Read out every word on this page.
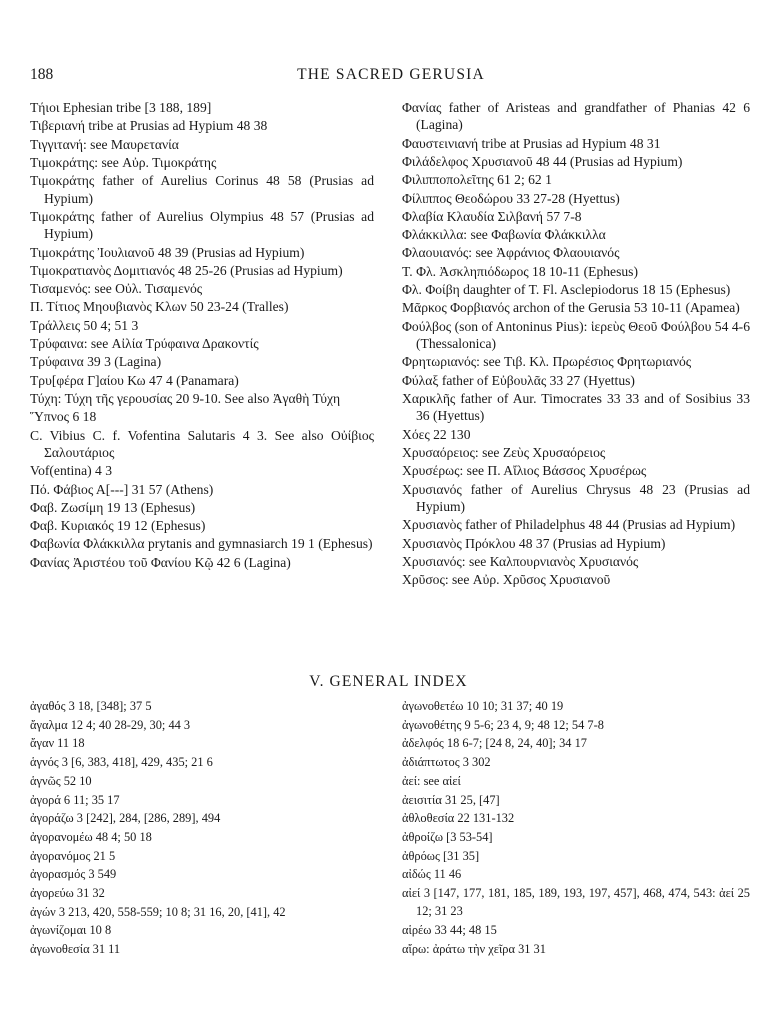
188	THE SACRED GERUSIA

Τήιοι Ephesian tribe [3 188, 189]

Τιβεριανή tribe at Prusias ad Hypium 48 38

Τιγγιτανή: see Μαυρετανία

Τιμοκράτης: see Αὐρ. Τιμοκράτης

Τιμοκράτης father of Aurelius Corinus 48 58 (Prusias ad Hypium)

Τιμοκράτης father of Aurelius Olympius 48 57 (Prusias ad Hypium)

Τιμοκράτης Ἰουλιανοῦ 48 39 (Prusias ad Hypium)

Τιμοκρατιανὸς Δομιτιανός 48 25-26 (Prusias ad Hypium)

Τισαμενός: see Οὐλ. Τισαμενός

Π. Τίτιος Μηουβιανὸς Κλων 50 23-24 (Tralles)

Τράλλεις 50 4; 51 3

Τρύφαινα: see Αἰλία Τρύφαινα Δρακοντίς

Τρύφαινα 39 3 (Lagina)

Τρυ[φέρα Γ]αίου Κω 47 4 (Panamara)

Τύχη: Τύχη τῆς γερουσίας 20 9-10. See also Ἀγαθὴ Τύχη

Ὕπνος 6 18

C. Vibius C. f. Vofentina Salutaris 4 3. See also Οὐίβιος Σαλουτάριος

Vof(entina) 4 3

Πό. Φάβιος Α[---] 31 57 (Athens)

Φαβ. Ζωσίμη 19 13 (Ephesus)

Φαβ. Κυριακός 19 12 (Ephesus)

Φαβωνία Φλάκκιλλα prytanis and gymnasiarch 19 1 (Ephesus)

Φανίας Ἀριστέου τοῦ Φανίου Κῷ 42 6 (Lagina)

Φανίας father of Aristeas and grandfather of Phanias 42 6 (Lagina)

Φαυστεινιανή tribe at Prusias ad Hypium 48 31

Φιλάδελφος Χρυσιανοῦ 48 44 (Prusias ad Hypium)

Φιλιπποπολεῖτης 61 2; 62 1

Φίλιππος Θεοδώρου 33 27-28 (Hyettus)

Φλαβία Κλαυδία Σιλβανή 57 7-8

Φλάκκιλλα: see Φαβωνία Φλάκκιλλα

Φλαουιανός: see Ἀφράνιος Φλαουιανός

Τ. Φλ. Ἀσκληπιόδωρος 18 10-11 (Ephesus)

Φλ. Φοίβη daughter of T. Fl. Asclepiodorus 18 15 (Ephesus)

Μᾶρκος Φορβιανός archon of the Gerusia 53 10-11 (Apamea)

Φούλβος (son of Antoninus Pius): ἱερεὺς Θεοῦ Φούλβου 54 4-6 (Thessalonica)

Φρητωριανός: see Τιβ. Κλ. Πρωρέσιος Φρητωριανός

Φύλαξ father of Εὐβουλᾶς 33 27 (Hyettus)

Χαρικλῆς father of Aur. Timocrates 33 33 and of Sosibius 33 36 (Hyettus)

Χόες 22 130

Χρυσαόρειος: see Ζεὺς Χρυσαόρειος

Χρυσέρως: see Π. Αἴλιος Βάσσος Χρυσέρως

Χρυσιανός father of Aurelius Chrysus 48 23 (Prusias ad Hypium)

Χρυσιανὸς father of Philadelphus 48 44 (Prusias ad Hypium)

Χρυσιανὸς Πρόκλου 48 37 (Prusias ad Hypium)

Χρυσιανός: see Καλπουρνιανὸς Χρυσιανός

Χρῦσος: see Αὐρ. Χρῦσος Χρυσιανοῦ

V. GENERAL INDEX

ἀγαθός 3 18, [348]; 37 5

ἄγαλμα 12 4; 40 28-29, 30; 44 3

ἄγαν 11 18

ἁγνός 3 [6, 383, 418], 429, 435; 21 6

ἁγνῶς 52 10

ἀγορά 6 11; 35 17

ἀγοράζω 3 [242], 284, [286, 289], 494

ἀγορανομέω 48 4; 50 18

ἀγορανόμος 21 5

ἀγορασμός 3 549

ἀγορεύω 31 32

ἀγών 3 213, 420, 558-559; 10 8; 31 16, 20, [41], 42

ἀγωνίζομαι 10 8

ἀγωνοθεσία 31 11

ἀγωνοθετέω 10 10; 31 37; 40 19

ἀγωνοθέτης 9 5-6; 23 4, 9; 48 12; 54 7-8

ἀδελφός 18 6-7; [24 8, 24, 40]; 34 17

ἀδιάπτωτος 3 302

ἀεί: see αἰεί

ἀεισιτία 31 25, [47]

ἀθλοθεσία 22 131-132

ἀθροίζω [3 53-54]

ἀθρόως [31 35]

αἰδώς 11 46

αἰεί 3 [147, 177, 181, 185, 189, 193, 197, 457], 468, 474, 543: ἀεί 25 12; 31 23

αἱρέω 33 44; 48 15

αἴρω: ἀράτω τὴν χεῖρα 31 31
